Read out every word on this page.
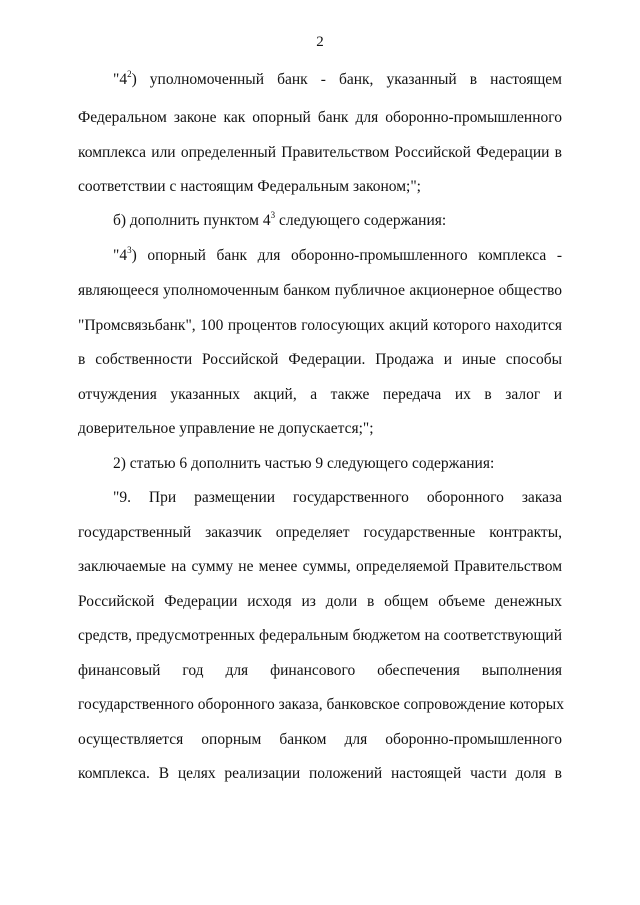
2
"$4^2$) уполномоченный банк - банк, указанный в настоящем
Федеральном законе как опорный банк для оборонно-промышленного
комплекса или определенный Правительством Российской Федерации в
соответствии с настоящим Федеральным законом;";
б) дополнить пунктом $4^3$ следующего содержания:
"$4^3$) опорный банк для оборонно-промышленного комплекса -
являющееся уполномоченным банком публичное акционерное общество
"Промсвязьбанк", 100 процентов голосующих акций которого находится
в собственности Российской Федерации. Продажа и иные способы
отчуждения указанных акций, а также передача их в залог и
доверительное управление не допускается;";
2) статью 6 дополнить частью 9 следующего содержания:
"9. При размещении государственного оборонного заказа
государственный заказчик определяет государственные контракты,
заключаемые на сумму не менее суммы, определяемой Правительством
Российской Федерации исходя из доли в общем объеме денежных
средств, предусмотренных федеральным бюджетом на соответствующий
финансовый год для финансового обеспечения выполнения
государственного оборонного заказа, банковское сопровождение которых
осуществляется опорным банком для оборонно-промышленного
комплекса. В целях реализации положений настоящей части доля в
